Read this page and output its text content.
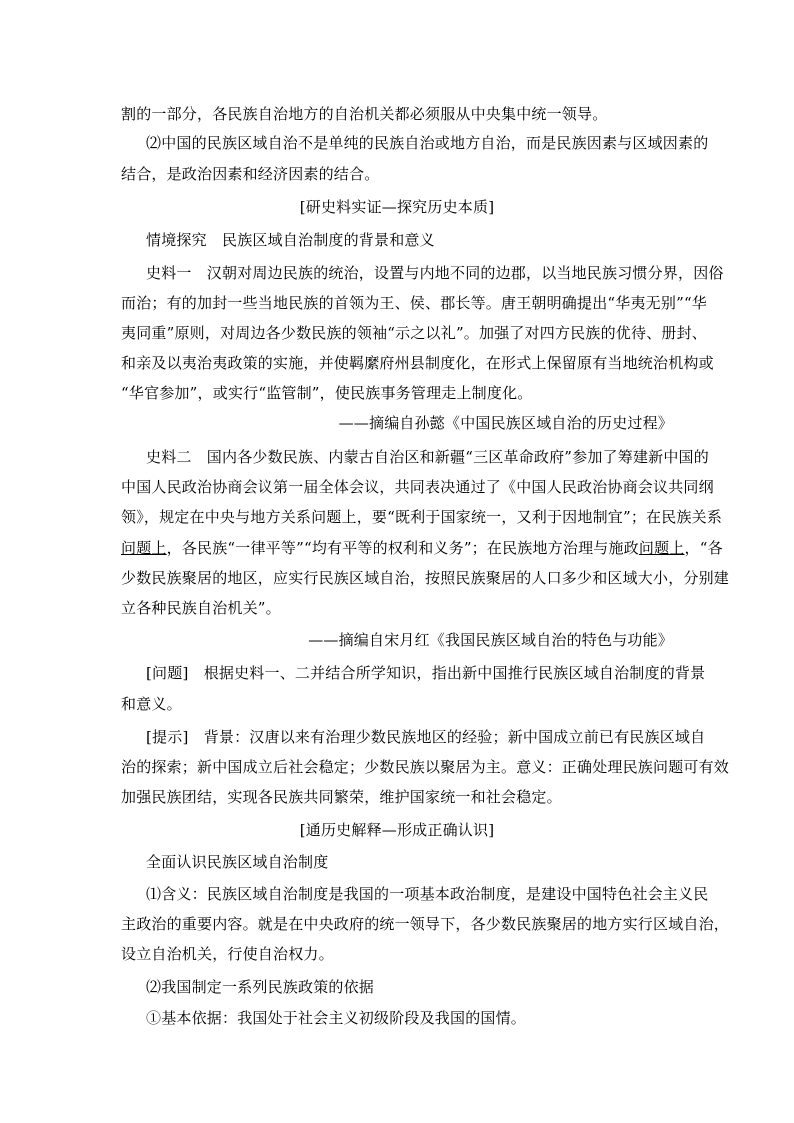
割的一部分，各民族自治地方的自治机关都必须服从中央集中统一领导。
⑵中国的民族区域自治不是单纯的民族自治或地方自治，而是民族因素与区域因素的
结合，是政治因素和经济因素的结合。
[研史料实证—探究历史本质]
情境探究　民族区域自治制度的背景和意义
史料一　汉朝对周边民族的统治，设置与内地不同的边郡，以当地民族习惯分界，因俗
而治；有的加封一些当地民族的首领为王、侯、郡长等。唐王朝明确提出“华夷无别”“华
夷同重”原则，对周边各少数民族的领袖“示之以礼”。加强了对四方民族的优待、册封、
和亲及以夷治夷政策的实施，并使羁縻府州县制度化，在形式上保留原有当地统治机构或
“华官参加”，或实行“监管制”，使民族事务管理走上制度化。
——摘编自孙懿《中国民族区域自治的历史过程》
史料二　国内各少数民族、内蒙古自治区和新疆“三区革命政府”参加了筹建新中国的
中国人民政治协商会议第一届全体会议，共同表决通过了《中国人民政治协商会议共同纲
领》，规定在中央与地方关系问题上，要“既利于国家统一，又利于因地制宜”；在民族关系
问题上，各民族“一律平等”“均有平等的权利和义务”；在民族地方治理与施政问题上，“各
少数民族聚居的地区，应实行民族区域自治，按照民族聚居的人口多少和区域大小，分别建
立各种民族自治机关”。
——摘编自宋月红《我国民族区域自治的特色与功能》
[问题]　根据史料一、二并结合所学知识，指出新中国推行民族区域自治制度的背景
和意义。
[提示]　背景：汉唐以来有治理少数民族地区的经验；新中国成立前已有民族区域自
治的探索；新中国成立后社会稳定；少数民族以聚居为主。意义：正确处理民族问题可有效
加强民族团结，实现各民族共同繁荣，维护国家统一和社会稳定。
[通历史解释—形成正确认识]
全面认识民族区域自治制度
⑴含义：民族区域自治制度是我国的一项基本政治制度，是建设中国特色社会主义民
主政治的重要内容。就是在中央政府的统一领导下，各少数民族聚居的地方实行区域自治，
设立自治机关，行使自治权力。
⑵我国制定一系列民族政策的依据
①基本依据：我国处于社会主义初级阶段及我国的国情。
